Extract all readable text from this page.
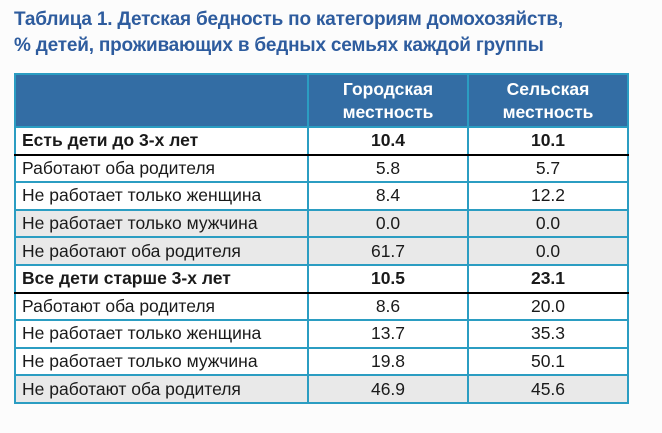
Таблица 1. Детская бедность по категориям домохозяйств,
% детей, проживающих в бедных семьях каждой группы
	Городская местность	Сельская местность
Есть дети до 3-х лет	10.4	10.1
Работают оба родителя	5.8	5.7
Не работает только женщина	8.4	12.2
Не работает только мужчина	0.0	0.0
Не работают оба родителя	61.7	0.0
Все дети старше 3-х лет	10.5	23.1
Работают оба родителя	8.6	20.0
Не работает только женщина	13.7	35.3
Не работает только мужчина	19.8	50.1
Не работают оба родителя	46.9	45.6
